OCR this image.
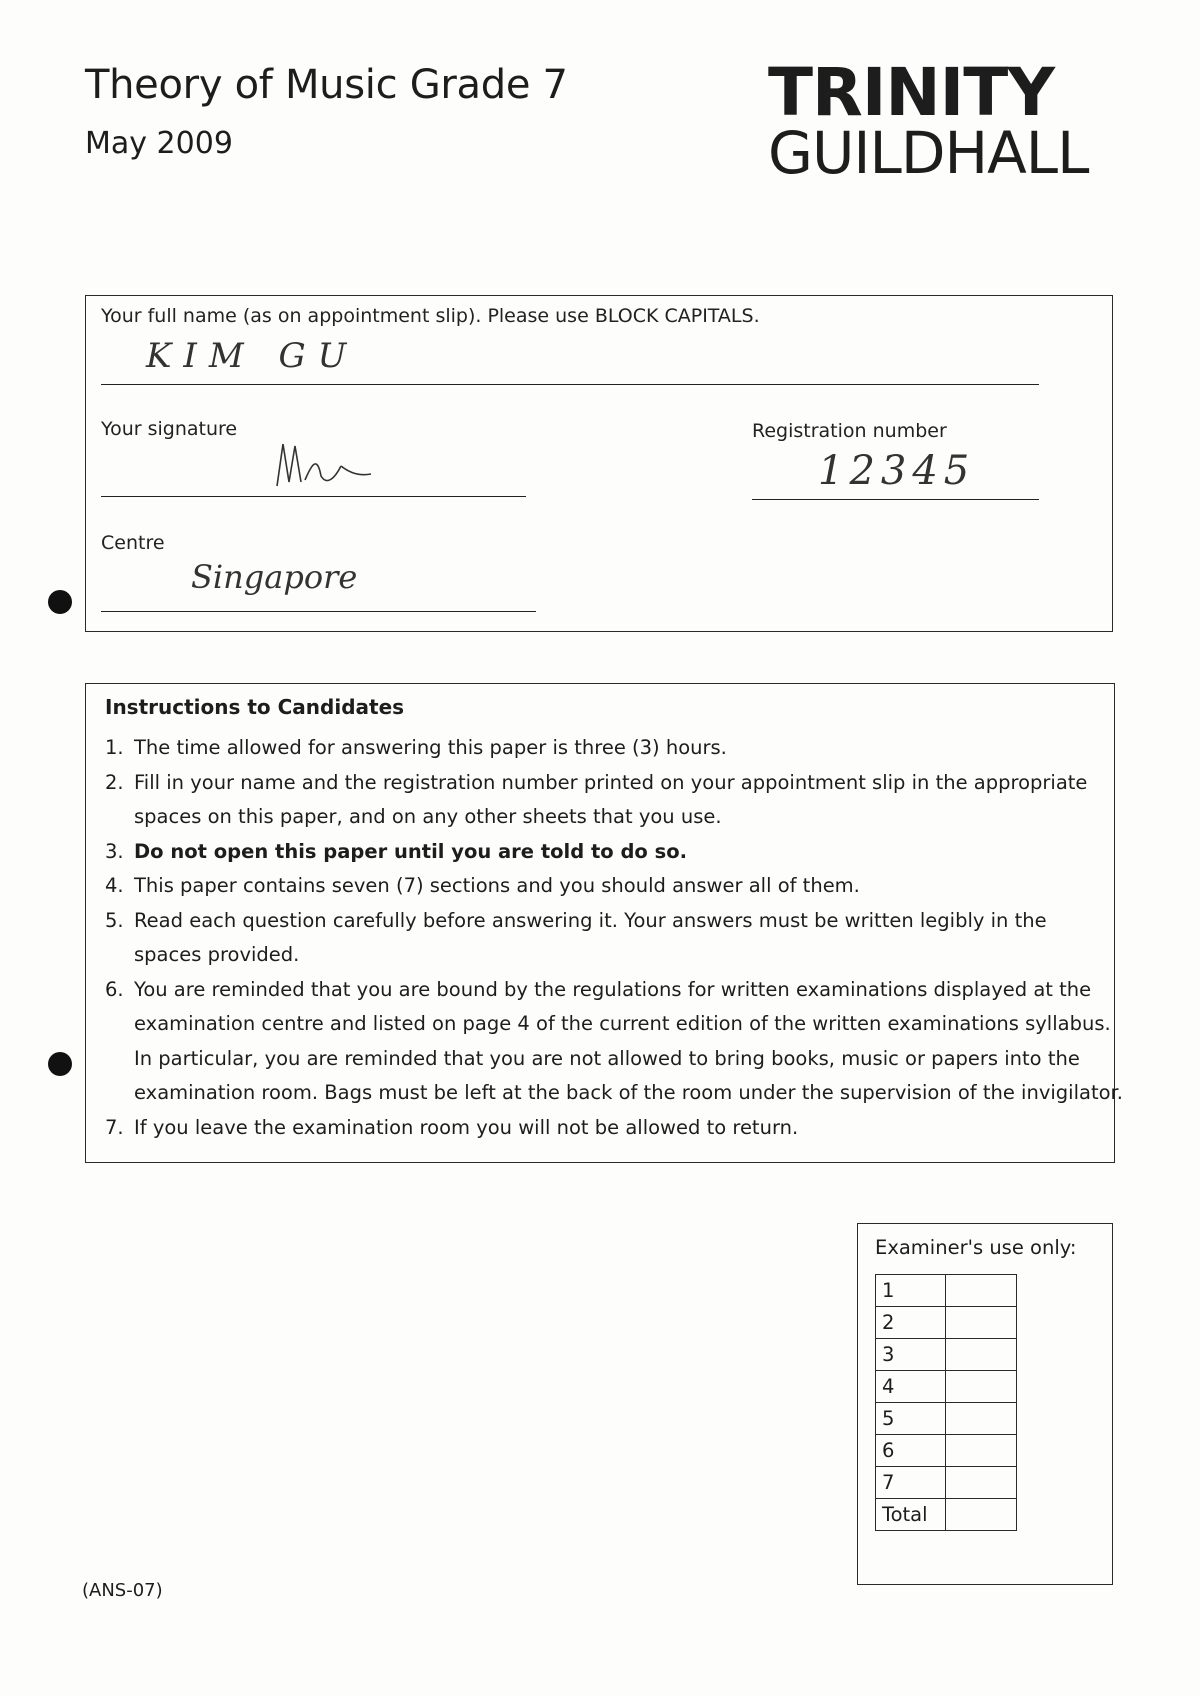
Theory of Music Grade 7
May 2009
TRINITY
GUILDHALL
Your full name (as on appointment slip). Please use BLOCK CAPITALS.
KIM GU
Your signature	Registration number
12345
Centre
Singapore
Instructions to Candidates
1. The time allowed for answering this paper is three (3) hours.
2. Fill in your name and the registration number printed on your appointment slip in the appropriate spaces on this paper, and on any other sheets that you use.
3. Do not open this paper until you are told to do so.
4. This paper contains seven (7) sections and you should answer all of them.
5. Read each question carefully before answering it. Your answers must be written legibly in the spaces provided.
6. You are reminded that you are bound by the regulations for written examinations displayed at the examination centre and listed on page 4 of the current edition of the written examinations syllabus. In particular, you are reminded that you are not allowed to bring books, music or papers into the examination room. Bags must be left at the back of the room under the supervision of the invigilator.
7. If you leave the examination room you will not be allowed to return.
Examiner's use only:
1	
2	
3	
4	
5	
6	
7	
Total	
(ANS-07)
